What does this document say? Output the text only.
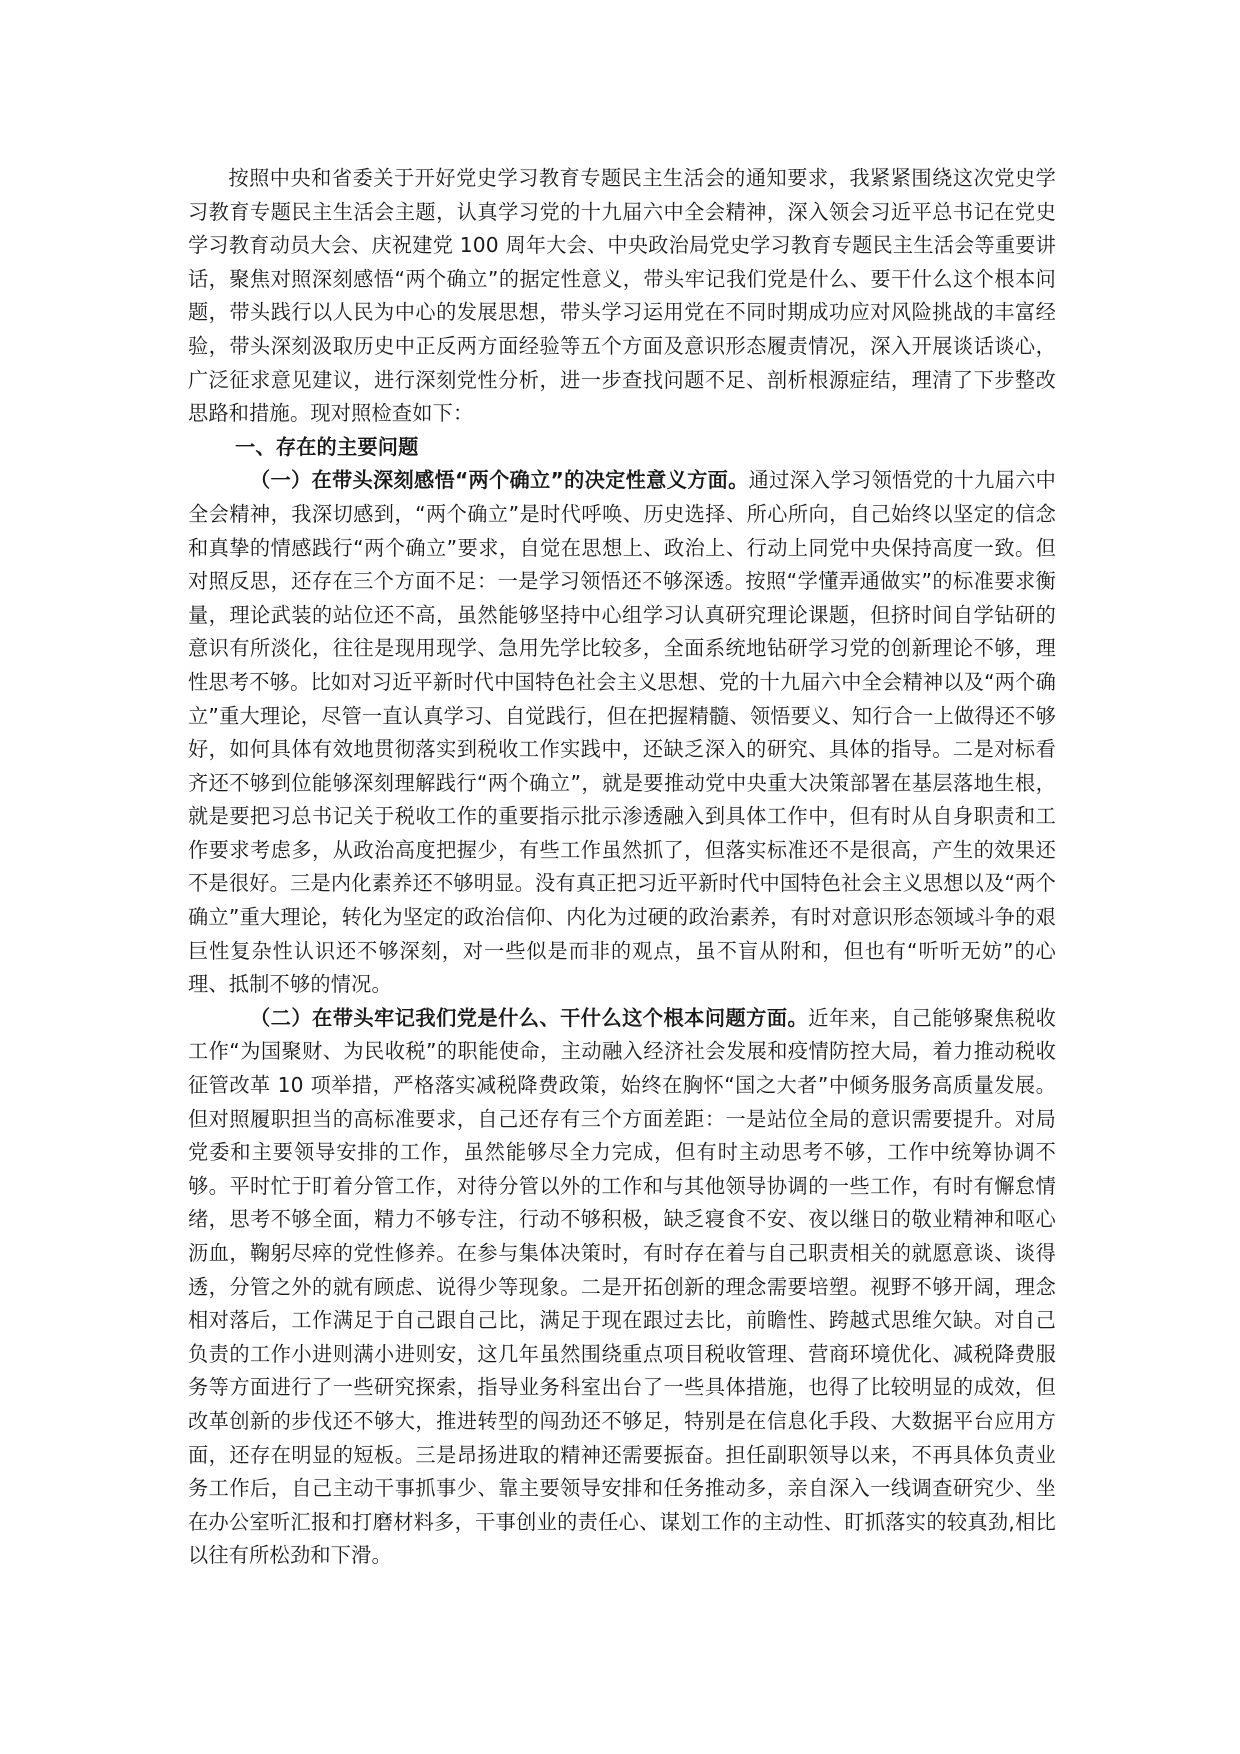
按照中央和省委关于开好党史学习教育专题民主生活会的通知要求，我紧紧围绕这次党史学习教育专题民主生活会主题，认真学习党的十九届六中全会精神，深入领会习近平总书记在党史学习教育动员大会、庆祝建党 100 周年大会、中央政治局党史学习教育专题民主生活会等重要讲话，聚焦对照深刻感悟“两个确立”的据定性意义，带头牢记我们党是什么、要干什么这个根本问题，带头践行以人民为中心的发展思想，带头学习运用党在不同时期成功应对风险挑战的丰富经验，带头深刻汲取历史中正反两方面经验等五个方面及意识形态履责情况，深入开展谈话谈心，广泛征求意见建议，进行深刻党性分析，进一步查找问题不足、剖析根源症结，理清了下步整改思路和措施。现对照检查如下：

一、存在的主要问题

（一）在带头深刻感悟“两个确立”的决定性意义方面。通过深入学习领悟党的十九届六中全会精神，我深切感到，“两个确立”是时代呼唤、历史选择、所心所向，自己始终以坚定的信念和真挚的情感践行“两个确立”要求，自觉在思想上、政治上、行动上同党中央保持高度一致。但对照反思，还存在三个方面不足：一是学习领悟还不够深透。按照“学懂弄通做实”的标准要求衡量，理论武装的站位还不高，虽然能够坚持中心组学习认真研究理论课题，但挤时间自学钻研的意识有所淡化，往往是现用现学、急用先学比较多，全面系统地钻研学习党的创新理论不够，理性思考不够。比如对习近平新时代中国特色社会主义思想、党的十九届六中全会精神以及“两个确立”重大理论，尽管一直认真学习、自觉践行，但在把握精髓、领悟要义、知行合一上做得还不够好，如何具体有效地贯彻落实到税收工作实践中，还缺乏深入的研究、具体的指导。二是对标看齐还不够到位能够深刻理解践行“两个确立”，就是要推动党中央重大决策部署在基层落地生根，就是要把习总书记关于税收工作的重要指示批示渗透融入到具体工作中，但有时从自身职责和工作要求考虑多，从政治高度把握少，有些工作虽然抓了，但落实标准还不是很高，产生的效果还不是很好。三是内化素养还不够明显。没有真正把习近平新时代中国特色社会主义思想以及“两个确立”重大理论，转化为坚定的政治信仰、内化为过硬的政治素养，有时对意识形态领域斗争的艰巨性复杂性认识还不够深刻，对一些似是而非的观点，虽不盲从附和，但也有“听听无妨”的心理、抵制不够的情况。

（二）在带头牢记我们党是什么、干什么这个根本问题方面。近年来，自己能够聚焦税收工作“为国聚财、为民收税”的职能使命，主动融入经济社会发展和疫情防控大局，着力推动税收征管改革 10 项举措，严格落实减税降费政策，始终在胸怀“国之大者”中倾务服务高质量发展。但对照履职担当的高标准要求，自己还存有三个方面差距：一是站位全局的意识需要提升。对局党委和主要领导安排的工作，虽然能够尽全力完成，但有时主动思考不够，工作中统筹协调不够。平时忙于盯着分管工作，对待分管以外的工作和与其他领导协调的一些工作，有时有懈怠情绪，思考不够全面，精力不够专注，行动不够积极，缺乏寝食不安、夜以继日的敬业精神和呕心沥血，鞠躬尽瘁的党性修养。在参与集体决策时，有时存在着与自己职责相关的就愿意谈、谈得透，分管之外的就有顾虑、说得少等现象。二是开拓创新的理念需要培塑。视野不够开阔，理念相对落后，工作满足于自己跟自己比，满足于现在跟过去比，前瞻性、跨越式思维欠缺。对自己负责的工作小进则满小进则安，这几年虽然围绕重点项目税收管理、营商环境优化、减税降费服务等方面进行了一些研究探索，指导业务科室出台了一些具体措施，也得了比较明显的成效，但改革创新的步伐还不够大，推进转型的闯劲还不够足，特别是在信息化手段、大数据平台应用方面，还存在明显的短板。三是昂扬进取的精神还需要振奋。担任副职领导以来，不再具体负责业务工作后，自己主动干事抓事少、靠主要领导安排和任务推动多，亲自深入一线调查研究少、坐在办公室听汇报和打磨材料多，干事创业的责任心、谋划工作的主动性、盯抓落实的较真劲,相比以往有所松劲和下滑。
